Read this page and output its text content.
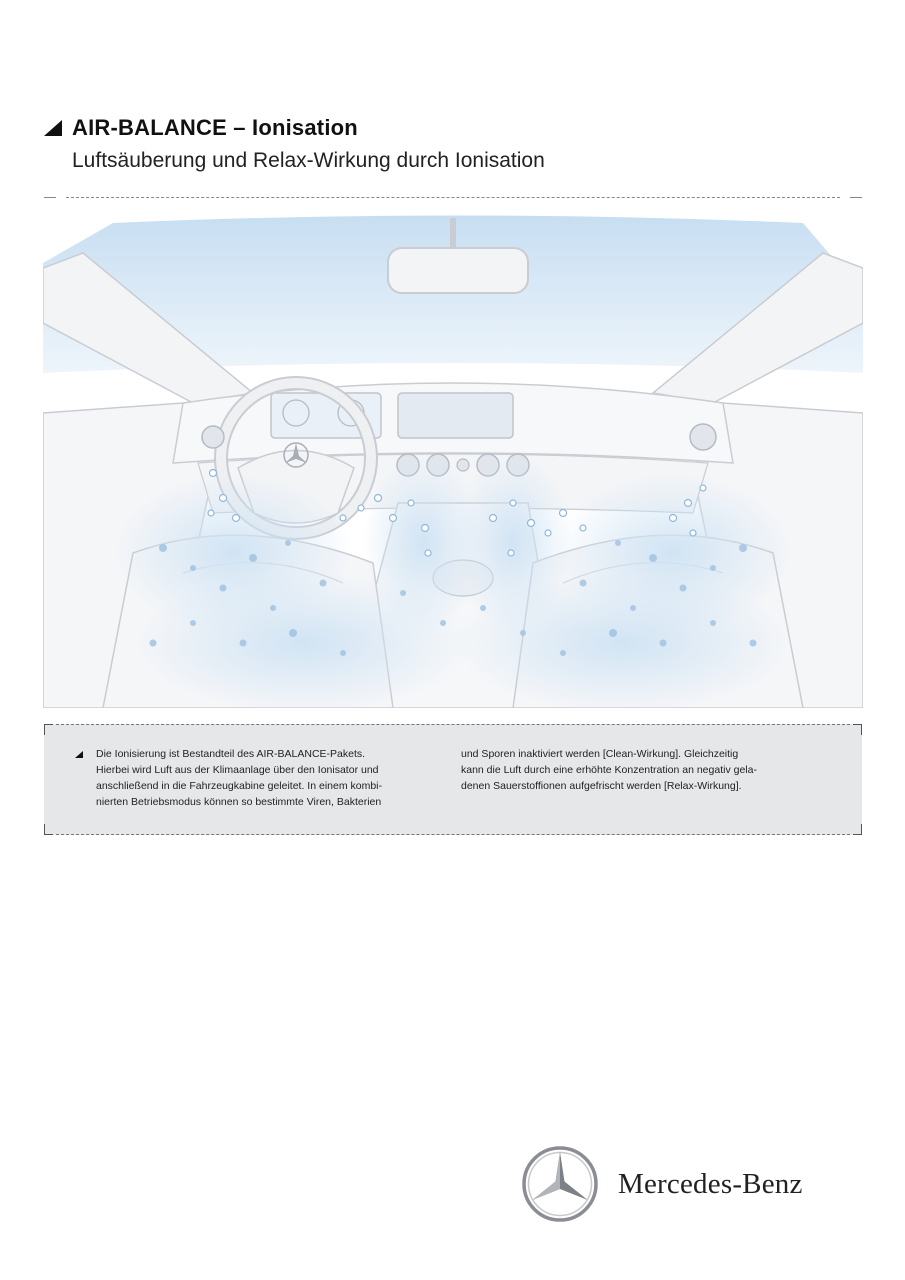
AIR-BALANCE – Ionisation
Luftsäuberung und Relax-Wirkung durch Ionisation
Die Ionisierung ist Bestandteil des AIR-BALANCE-Pakets.
Hierbei wird Luft aus der Klimaanlage über den Ionisator und
anschließend in die Fahrzeugkabine geleitet. In einem kombi-
nierten Betriebsmodus können so bestimmte Viren, Bakterien
und Sporen inaktiviert werden [Clean-Wirkung]. Gleichzeitig
kann die Luft durch eine erhöhte Konzentration an negativ gela-
denen Sauerstoffionen aufgefrischt werden [Relax-Wirkung].
Mercedes-Benz
